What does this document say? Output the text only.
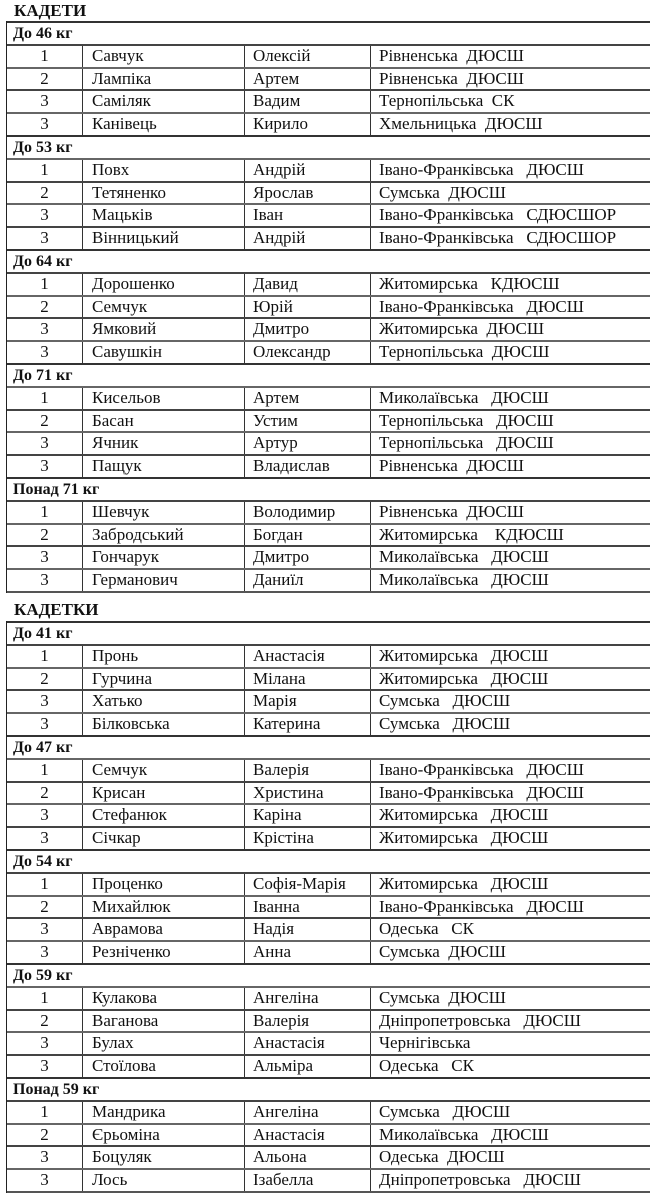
КАДЕТИ
До 46 кг
1	Савчук	Олексій	Рівненська  ДЮСШ
2	Лампіка	Артем	Рівненська  ДЮСШ
3	Саміляк	Вадим	Тернопільська  СК
3	Канівець	Кирило	Хмельницька  ДЮСШ
До 53 кг
1	Повх	Андрій	Івано-Франківська   ДЮСШ
2	Тетяненко	Ярослав	Сумська  ДЮСШ
3	Мацьків	Іван	Івано-Франківська   СДЮСШОР
3	Вінницький	Андрій	Івано-Франківська   СДЮСШОР
До 64 кг
1	Дорошенко	Давид	Житомирська   КДЮСШ
2	Семчук	Юрій	Івано-Франківська   ДЮСШ
3	Ямковий	Дмитро	Житомирська  ДЮСШ
3	Савушкін	Олександр	Тернопільська  ДЮСШ
До 71 кг
1	Кисельов	Артем	Миколаївська   ДЮСШ
2	Басан	Устим	Тернопільська   ДЮСШ
3	Ячник	Артур	Тернопільська   ДЮСШ
3	Пащук	Владислав	Рівненська  ДЮСШ
Понад 71 кг
1	Шевчук	Володимир	Рівненська  ДЮСШ
2	Забродський	Богдан	Житомирська    КДЮСШ
3	Гончарук	Дмитро	Миколаївська   ДЮСШ
3	Германович	Даниїл	Миколаївська   ДЮСШ
КАДЕТКИ
До 41 кг
1	Пронь	Анастасія	Житомирська   ДЮСШ
2	Гурчина	Мілана	Житомирська   ДЮСШ
3	Хатько	Марія	Сумська   ДЮСШ
3	Білковська	Катерина	Сумська   ДЮСШ
До 47 кг
1	Семчук	Валерія	Івано-Франківська   ДЮСШ
2	Крисан	Христина	Івано-Франківська   ДЮСШ
3	Стефанюк	Каріна	Житомирська   ДЮСШ
3	Січкар	Крістіна	Житомирська   ДЮСШ
До 54 кг
1	Проценко	Софія-Марія	Житомирська   ДЮСШ
2	Михайлюк	Іванна	Івано-Франківська   ДЮСШ
3	Аврамова	Надія	Одеська   СК
3	Резніченко	Анна	Сумська  ДЮСШ
До 59 кг
1	Кулакова	Ангеліна	Сумська  ДЮСШ
2	Ваганова	Валерія	Дніпропетровська   ДЮСШ
3	Булах	Анастасія	Чернігівська
3	Стоїлова	Альміра	Одеська   СК
Понад 59 кг
1	Мандрика	Ангеліна	Сумська   ДЮСШ
2	Єрьоміна	Анастасія	Миколаївська   ДЮСШ
3	Боцуляк	Альона	Одеська  ДЮСШ
3	Лось	Ізабелла	Дніпропетровська   ДЮСШ
